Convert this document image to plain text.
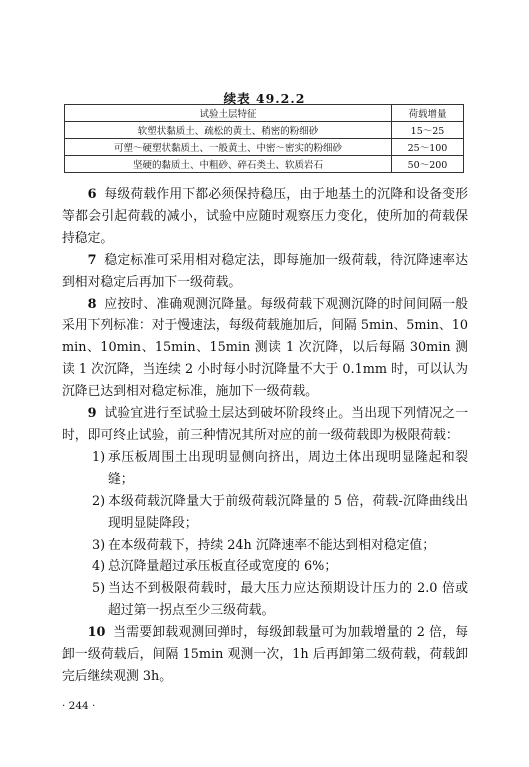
续表 49.2.2
试验土层特征	荷载增量
软塑状黏质土、疏松的黄土、稍密的粉细砂	15～25
可塑～硬塑状黏质土、一般黄土、中密～密实的粉细砂	25～100
坚硬的黏质土、中粗砂、碎石类土、软质岩石	50～200

6 每级荷载作用下都必须保持稳压，由于地基土的沉降和设备变形等都会引起荷载的减小，试验中应随时观察压力变化，使所加的荷载保持稳定。

7 稳定标准可采用相对稳定法，即每施加一级荷载，待沉降速率达到相对稳定后再加下一级荷载。

8 应按时、准确观测沉降量。每级荷载下观测沉降的时间间隔一般采用下列标准：对于慢速法，每级荷载施加后，间隔 5min、5min、10min、10min、15min、15min 测读 1 次沉降，以后每隔 30min 测读 1 次沉降，当连续 2 小时每小时沉降量不大于 0.1mm 时，可以认为沉降已达到相对稳定标准，施加下一级荷载。

9 试验宜进行至试验土层达到破坏阶段终止。当出现下列情况之一时，即可终止试验，前三种情况其所对应的前一级荷载即为极限荷载：

1) 承压板周围土出现明显侧向挤出，周边土体出现明显隆起和裂缝；

2) 本级荷载沉降量大于前级荷载沉降量的 5 倍，荷载-沉降曲线出现明显陡降段；

3) 在本级荷载下，持续 24h 沉降速率不能达到相对稳定值；

4) 总沉降量超过承压板直径或宽度的 6%；

5) 当达不到极限荷载时，最大压力应达预期设计压力的 2.0 倍或超过第一拐点至少三级荷载。

10 当需要卸载观测回弹时，每级卸载量可为加载增量的 2 倍，每卸一级荷载后，间隔 15min 观测一次，1h 后再卸第二级荷载，荷载卸完后继续观测 3h。

· 244 ·
